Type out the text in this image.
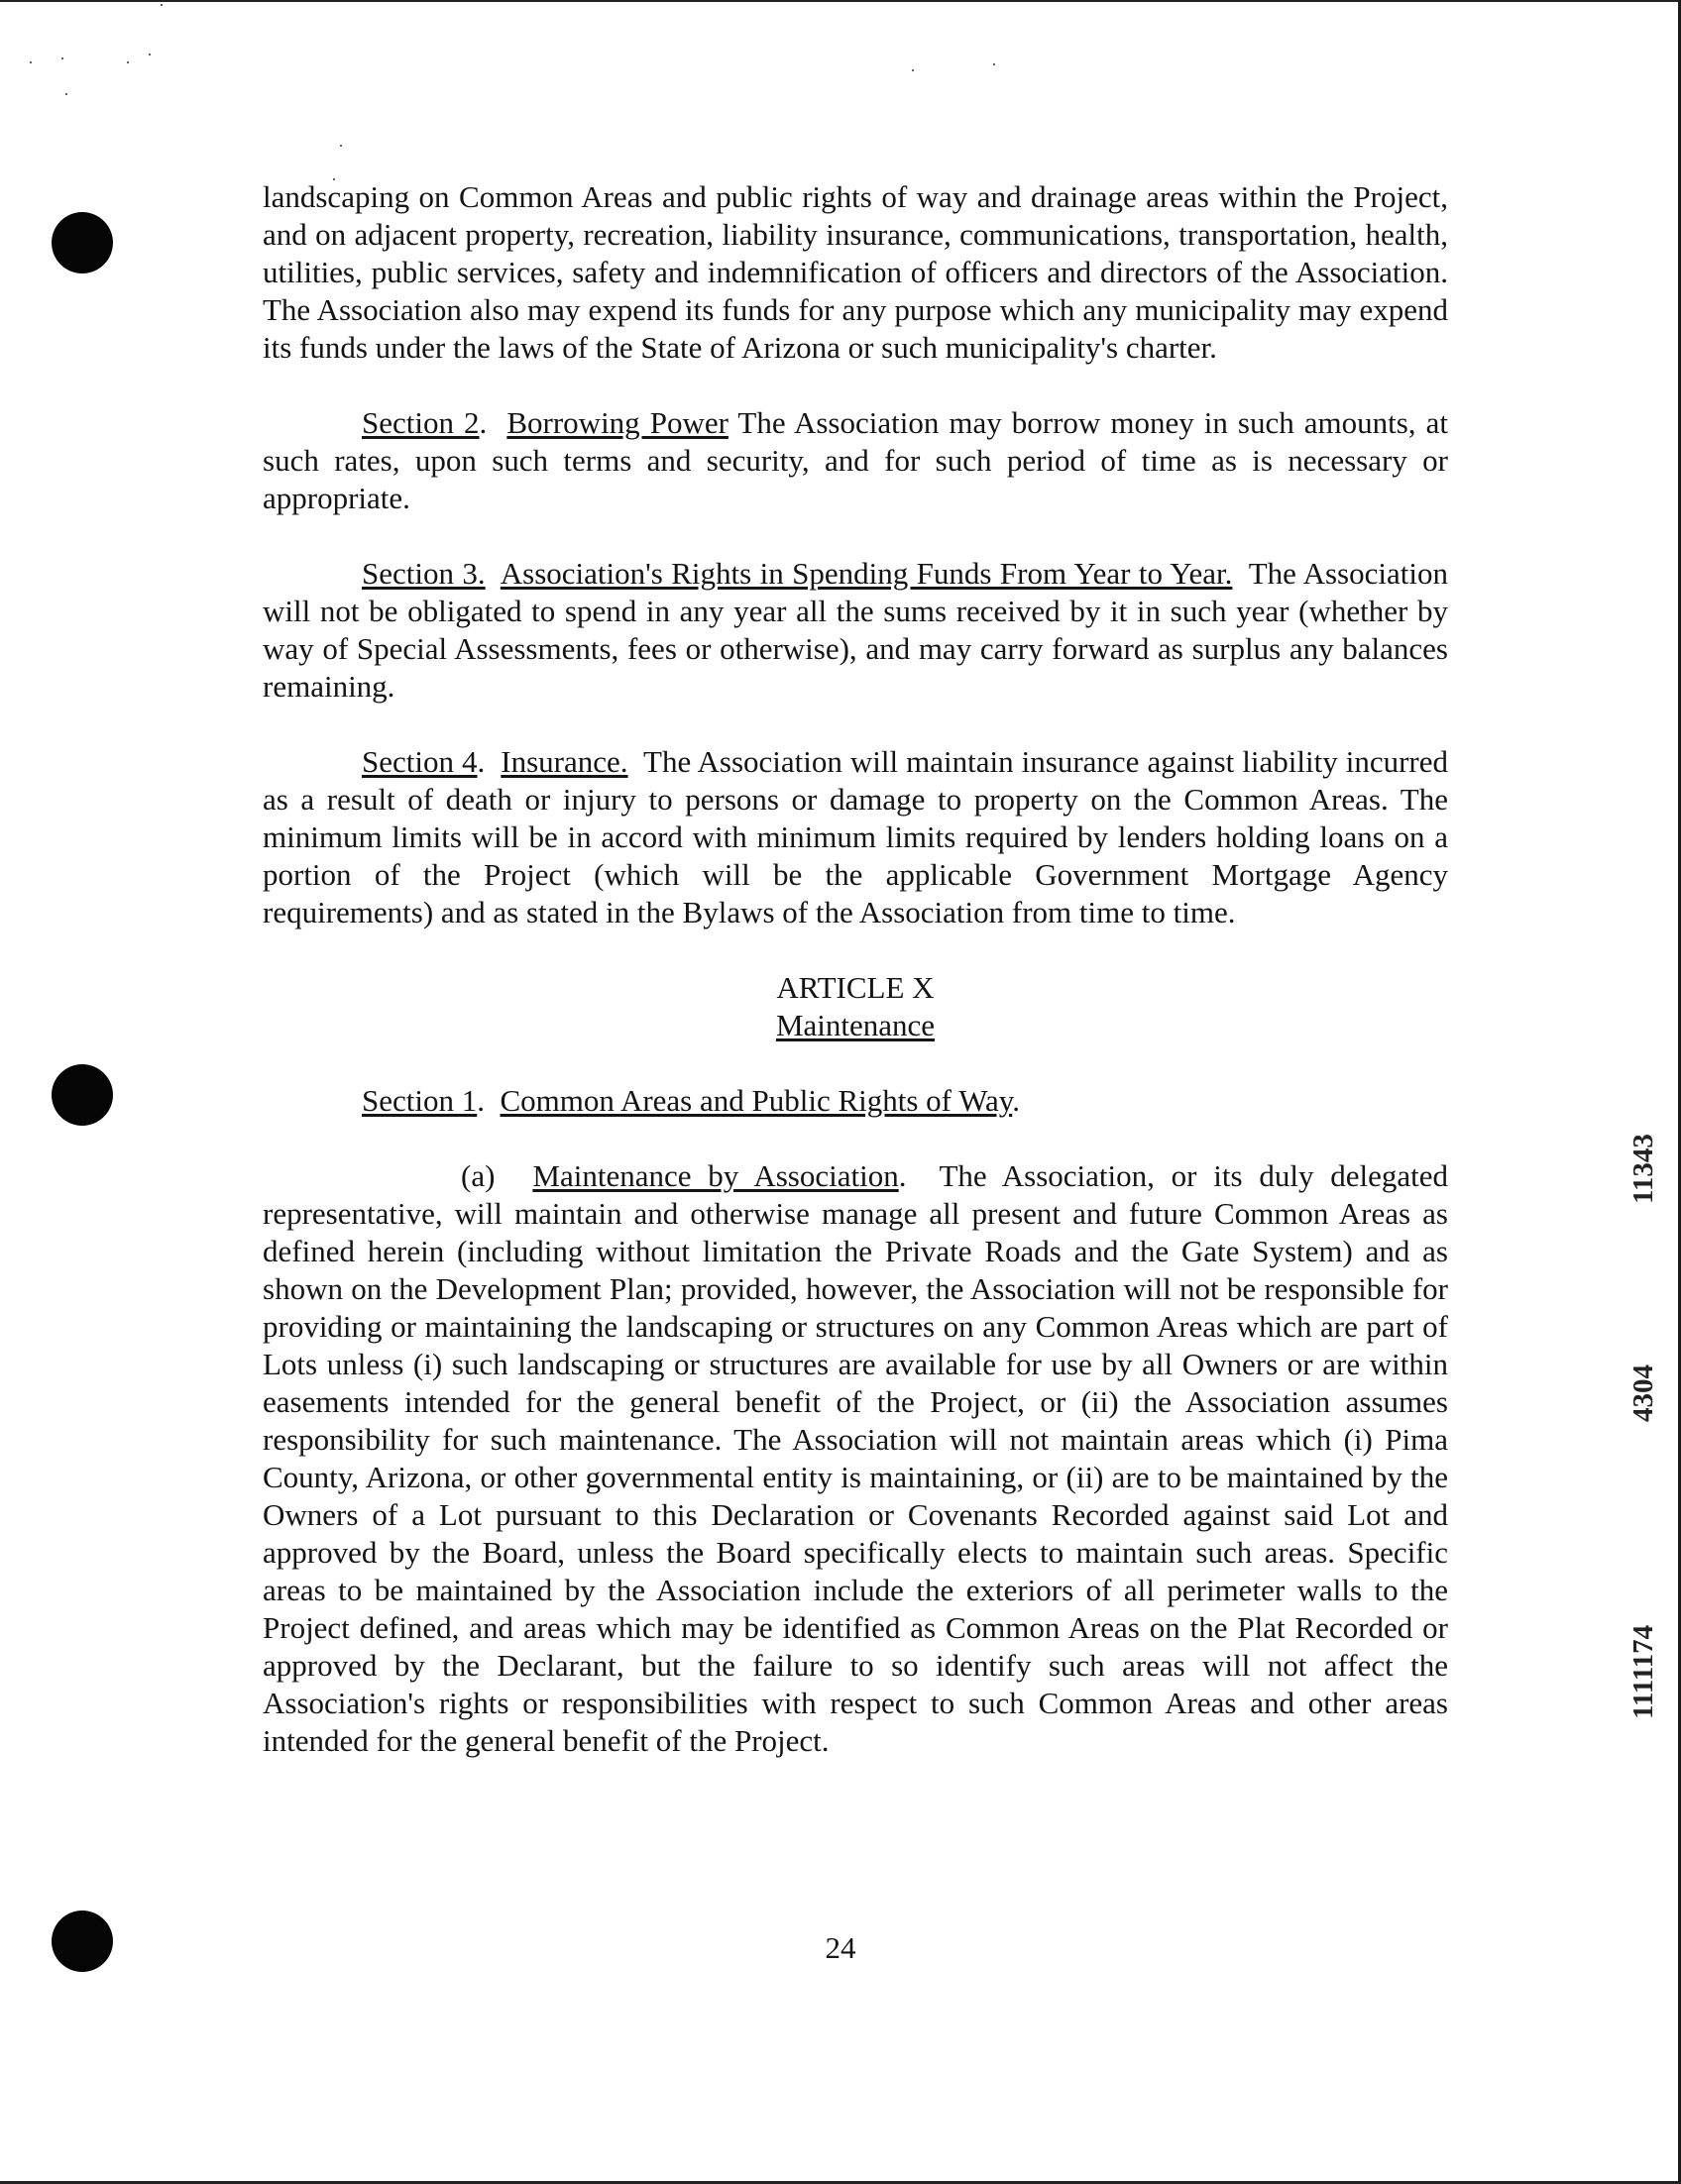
landscaping on Common Areas and public rights of way and drainage areas within the Project, and on adjacent property, recreation, liability insurance, communications, transportation, health, utilities, public services, safety and indemnification of officers and directors of the Association. The Association also may expend its funds for any purpose which any municipality may expend its funds under the laws of the State of Arizona or such municipality's charter.

Section 2.  Borrowing Power The Association may borrow money in such amounts, at such rates, upon such terms and security, and for such period of time as is necessary or appropriate.

Section 3. Association's Rights in Spending Funds From Year to Year. The Association will not be obligated to spend in any year all the sums received by it in such year (whether by way of Special Assessments, fees or otherwise), and may carry forward as surplus any balances remaining.

Section 4.  Insurance. The Association will maintain insurance against liability incurred as a result of death or injury to persons or damage to property on the Common Areas. The minimum limits will be in accord with minimum limits required by lenders holding loans on a portion of the Project (which will be the applicable Government Mortgage Agency requirements) and as stated in the Bylaws of the Association from time to time.

ARTICLE X

Maintenance

Section 1.  Common Areas and Public Rights of Way.

(a) Maintenance by Association.  The Association, or its duly delegated representative, will maintain and otherwise manage all present and future Common Areas as defined herein (including without limitation the Private Roads and the Gate System) and as shown on the Development Plan; provided, however, the Association will not be responsible for providing or maintaining the landscaping or structures on any Common Areas which are part of Lots unless (i) such landscaping or structures are available for use by all Owners or are within easements intended for the general benefit of the Project, or (ii) the Association assumes responsibility for such maintenance. The Association will not maintain areas which (i) Pima County, Arizona, or other governmental entity is maintaining, or (ii) are to be maintained by the Owners of a Lot pursuant to this Declaration or Covenants Recorded against said Lot and approved by the Board, unless the Board specifically elects to maintain such areas. Specific areas to be maintained by the Association include the exteriors of all perimeter walls to the Project defined, and areas which may be identified as Common Areas on the Plat Recorded or approved by the Declarant, but the failure to so identify such areas will not affect the Association's rights or responsibilities with respect to such Common Areas and other areas intended for the general benefit of the Project.

11343
4304
1111174
24
